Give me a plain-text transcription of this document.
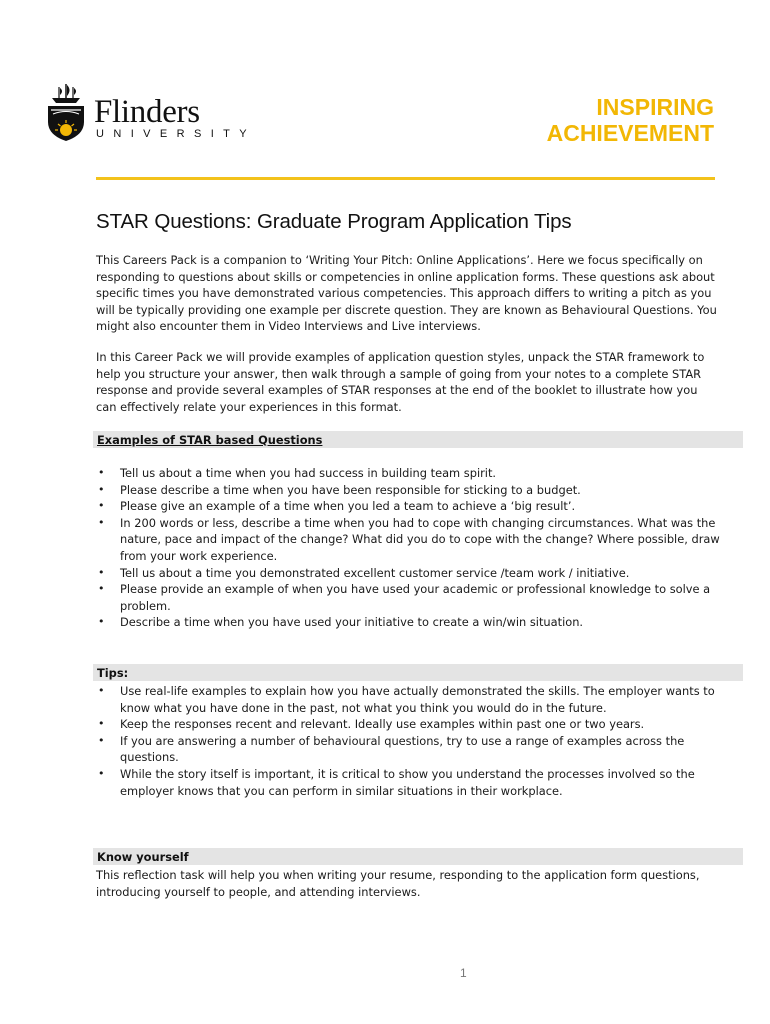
Flinders
UNIVERSITY
INSPIRING
ACHIEVEMENT
STAR Questions: Graduate Program Application Tips

This Careers Pack is a companion to ‘Writing Your Pitch: Online Applications’. Here we focus specifically on responding to questions about skills or competencies in online application forms. These questions ask about specific times you have demonstrated various competencies. This approach differs to writing a pitch as you will be typically providing one example per discrete question. They are known as Behavioural Questions. You might also encounter them in Video Interviews and Live interviews.

In this Career Pack we will provide examples of application question styles, unpack the STAR framework to help you structure your answer, then walk through a sample of going from your notes to a complete STAR response and provide several examples of STAR responses at the end of the booklet to illustrate how you can effectively relate your experiences in this format.

Examples of STAR based Questions
• Tell us about a time when you had success in building team spirit.
• Please describe a time when you have been responsible for sticking to a budget.
• Please give an example of a time when you led a team to achieve a ‘big result’.
• In 200 words or less, describe a time when you had to cope with changing circumstances. What was the nature, pace and impact of the change? What did you do to cope with the change? Where possible, draw from your work experience.
• Tell us about a time you demonstrated excellent customer service /team work / initiative.
• Please provide an example of when you have used your academic or professional knowledge to solve a problem.
• Describe a time when you have used your initiative to create a win/win situation.
Tips:
• Use real-life examples to explain how you have actually demonstrated the skills. The employer wants to know what you have done in the past, not what you think you would do in the future.
• Keep the responses recent and relevant. Ideally use examples within past one or two years.
• If you are answering a number of behavioural questions, try to use a range of examples across the questions.
• While the story itself is important, it is critical to show you understand the processes involved so the employer knows that you can perform in similar situations in their workplace.
Know yourself

This reflection task will help you when writing your resume, responding to the application form questions, introducing yourself to people, and attending interviews.

1
